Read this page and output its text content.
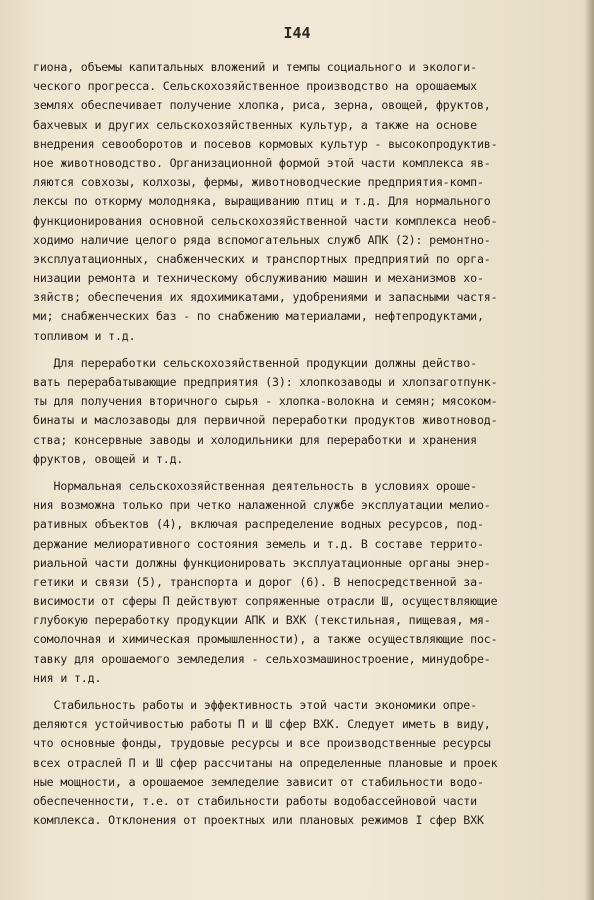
I44
гиона, объемы капитальных вложений и темпы социального и экологи-
ческого прогресса. Сельскохозяйственное производство на орошаемых
землях обеспечивает получение хлопка, риса, зерна, овощей, фруктов,
бахчевых и других сельскохозяйственных культур, а также на основе
внедрения севооборотов и посевов кормовых культур - высокопродуктив-
ное животноводство. Организационной формой этой части комплекса яв-
ляются совхозы, колхозы, фермы, животноводческие предприятия-комп-
лексы по откорму молодняка, выращиванию птиц и т.д. Для нормального
функционирования основной сельскохозяйственной части комплекса необ-
ходимо наличие целого ряда вспомогательных служб АПК (2): ремонтно-
эксплуатационных, снабженческих и транспортных предприятий по орга-
низации ремонта и техническому обслуживанию машин и механизмов хо-
зяйств; обеспечения их ядохимикатами, удобрениями и запасными частя-
ми; снабженческих баз - по снабжению материалами, нефтепродуктами,
топливом и т.д.
Для переработки сельскохозяйственной продукции должны действо-
вать перерабатывающие предприятия (3): хлопкозаводы и хлопзаготпунк-
ты для получения вторичного сырья - хлопка-волокна и семян; мясоком-
бинаты и маслозаводы для первичной переработки продуктов животновод-
ства; консервные заводы и холодильники для переработки и хранения
фруктов, овощей и т.д.
Нормальная сельскохозяйственная деятельность в условиях ороше-
ния возможна только при четко налаженной службе эксплуатации мелио-
ративных объектов (4), включая распределение водных ресурсов, под-
держание мелиоративного состояния земель и т.д. В составе террито-
риальной части должны функционировать эксплуатационные органы энер-
гетики и связи (5), транспорта и дорог (6). В непосредственной за-
висимости от сферы П действуют сопряженные отрасли Ш, осуществляющие
глубокую переработку продукции АПК и ВХК (текстильная, пищевая, мя-
сомолочная и химическая промышленности), а также осуществляющие пос-
тавку для орошаемого земледелия - сельхозмашиностроение, минудобре-
ния и т.д.
Стабильность работы и эффективность этой части экономики опре-
деляются устойчивостью работы П и Ш сфер ВХК. Следует иметь в виду,
что основные фонды, трудовые ресурсы и все производственные ресурсы
всех отраслей П и Ш сфер рассчитаны на определенные плановые и проек
ные мощности, а орошаемое земледелие зависит от стабильности водо-
обеспеченности, т.е. от стабильности работы водобассейновой части
комплекса. Отклонения от проектных или плановых режимов I сфер ВХК
